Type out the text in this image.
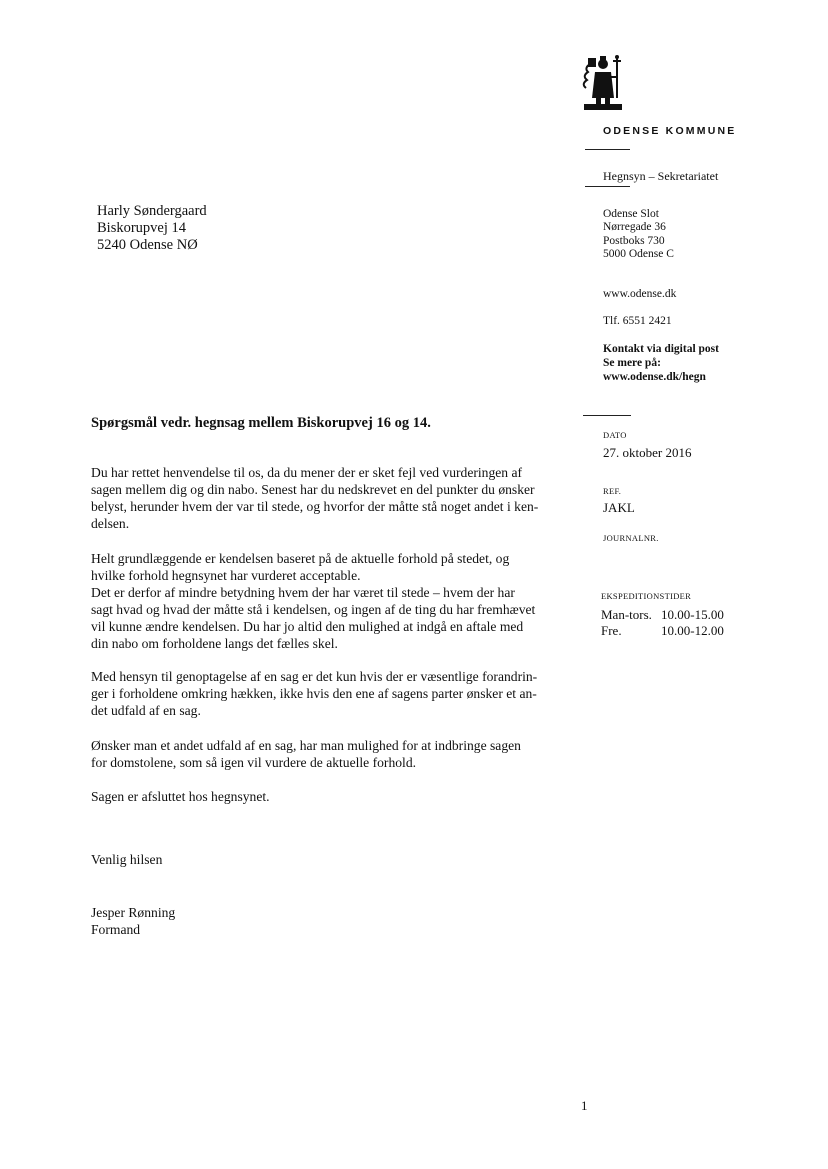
ODENSE KOMMUNE
Hegnsyn – Sekretariatet
Odense Slot
Nørregade 36
Postboks 730
5000 Odense C
www.odense.dk
Tlf. 6551 2421
Kontakt via digital post
Se mere på:
www.odense.dk/hegn
DATO
27. oktober 2016
REF.
JAKL
JOURNALNR.
EKSPEDITIONSTIDER
Man-tors. 10.00-15.00
Fre.	10.00-12.00
Harly Søndergaard
Biskorupvej 14
5240 Odense NØ
Spørgsmål vedr. hegnsag mellem Biskorupvej 16 og 14.
Du har rettet henvendelse til os, da du mener der er sket fejl ved vurderingen af
sagen mellem dig og din nabo. Senest har du nedskrevet en del punkter du ønsker
belyst, herunder hvem der var til stede, og hvorfor der måtte stå noget andet i ken-
delsen.
Helt grundlæggende er kendelsen baseret på de aktuelle forhold på stedet, og
hvilke forhold hegnsynet har vurderet acceptable.
Det er derfor af mindre betydning hvem der har været til stede – hvem der har
sagt hvad og hvad der måtte stå i kendelsen, og ingen af de ting du har fremhævet
vil kunne ændre kendelsen. Du har jo altid den mulighed at indgå en aftale med
din nabo om forholdene langs det fælles skel.
Med hensyn til genoptagelse af en sag er det kun hvis der er væsentlige forandrin-
ger i forholdene omkring hækken, ikke hvis den ene af sagens parter ønsker et an-
det udfald af en sag.
Ønsker man et andet udfald af en sag, har man mulighed for at indbringe sagen
for domstolene, som så igen vil vurdere de aktuelle forhold.
Sagen er afsluttet hos hegnsynet.
Venlig hilsen
Jesper Rønning
Formand
1
